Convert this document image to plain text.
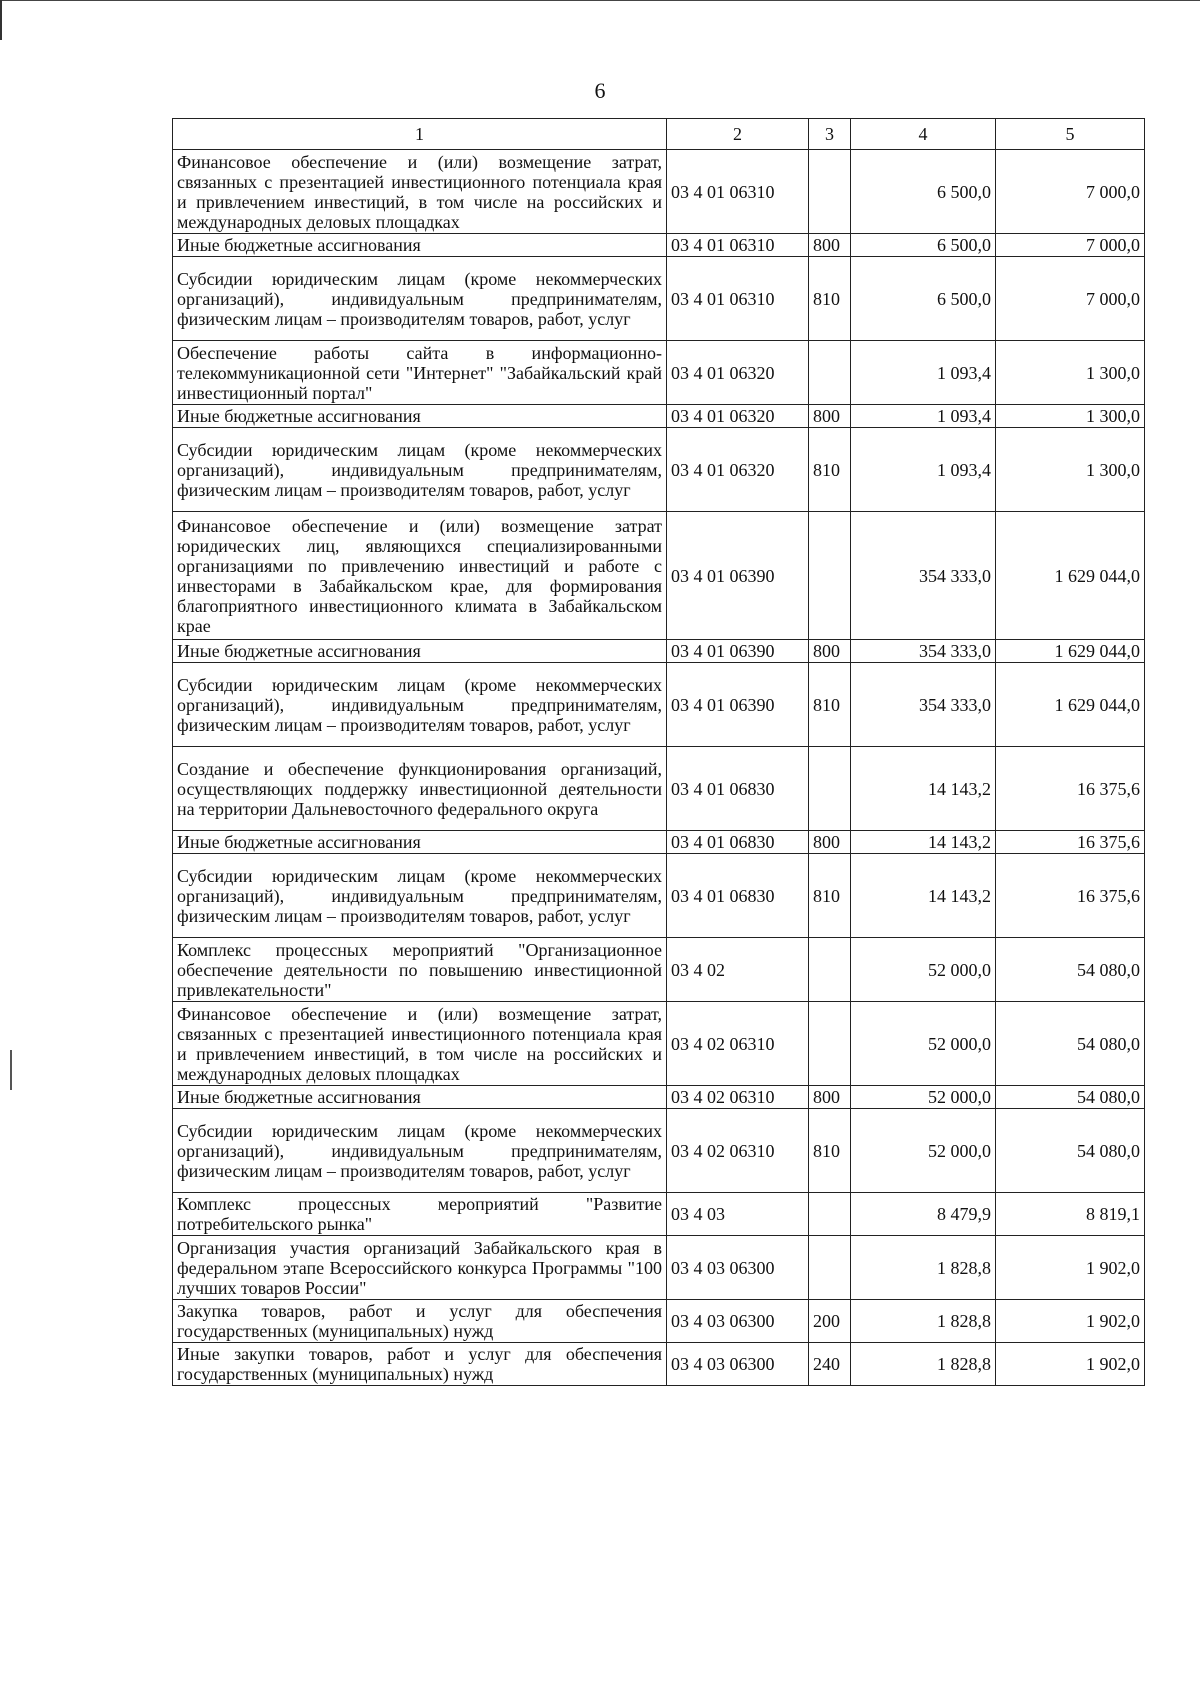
6
1	2	3	4	5
Финансовое обеспечение и (или) возмещение затрат, связанных с презентацией инвестиционного потенциала края и привлечением инвестиций, в том числе на российских и международных деловых площадках	03 4 01 06310		6 500,0	7 000,0
Иные бюджетные ассигнования	03 4 01 06310	800	6 500,0	7 000,0
Субсидии юридическим лицам (кроме некоммерческих организаций), индивидуальным предпринимателям, физическим лицам – производителям товаров, работ, услуг	03 4 01 06310	810	6 500,0	7 000,0
Обеспечение работы сайта в информационно-телекоммуникационной сети "Интернет" "Забайкальский край инвестиционный портал"	03 4 01 06320		1 093,4	1 300,0
Иные бюджетные ассигнования	03 4 01 06320	800	1 093,4	1 300,0
Субсидии юридическим лицам (кроме некоммерческих организаций), индивидуальным предпринимателям, физическим лицам – производителям товаров, работ, услуг	03 4 01 06320	810	1 093,4	1 300,0
Финансовое обеспечение и (или) возмещение затрат юридических лиц, являющихся специализированными организациями по привлечению инвестиций и работе с инвесторами в Забайкальском крае, для формирования благоприятного инвестиционного климата в Забайкальском крае	03 4 01 06390		354 333,0	1 629 044,0
Иные бюджетные ассигнования	03 4 01 06390	800	354 333,0	1 629 044,0
Субсидии юридическим лицам (кроме некоммерческих организаций), индивидуальным предпринимателям, физическим лицам – производителям товаров, работ, услуг	03 4 01 06390	810	354 333,0	1 629 044,0
Создание и обеспечение функционирования организаций, осуществляющих поддержку инвестиционной деятельности на территории Дальневосточного федерального округа	03 4 01 06830		14 143,2	16 375,6
Иные бюджетные ассигнования	03 4 01 06830	800	14 143,2	16 375,6
Субсидии юридическим лицам (кроме некоммерческих организаций), индивидуальным предпринимателям, физическим лицам – производителям товаров, работ, услуг	03 4 01 06830	810	14 143,2	16 375,6
Комплекс процессных мероприятий "Организационное обеспечение деятельности по повышению инвестиционной привлекательности"	03 4 02		52 000,0	54 080,0
Финансовое обеспечение и (или) возмещение затрат, связанных с презентацией инвестиционного потенциала края и привлечением инвестиций, в том числе на российских и международных деловых площадках	03 4 02 06310		52 000,0	54 080,0
Иные бюджетные ассигнования	03 4 02 06310	800	52 000,0	54 080,0
Субсидии юридическим лицам (кроме некоммерческих организаций), индивидуальным предпринимателям, физическим лицам – производителям товаров, работ, услуг	03 4 02 06310	810	52 000,0	54 080,0
Комплекс процессных мероприятий "Развитие потребительского рынка"	03 4 03		8 479,9	8 819,1
Организация участия организаций Забайкальского края в федеральном этапе Всероссийского конкурса Программы "100 лучших товаров России"	03 4 03 06300		1 828,8	1 902,0
Закупка товаров, работ и услуг для обеспечения государственных (муниципальных) нужд	03 4 03 06300	200	1 828,8	1 902,0
Иные закупки товаров, работ и услуг для обеспечения государственных (муниципальных) нужд	03 4 03 06300	240	1 828,8	1 902,0
